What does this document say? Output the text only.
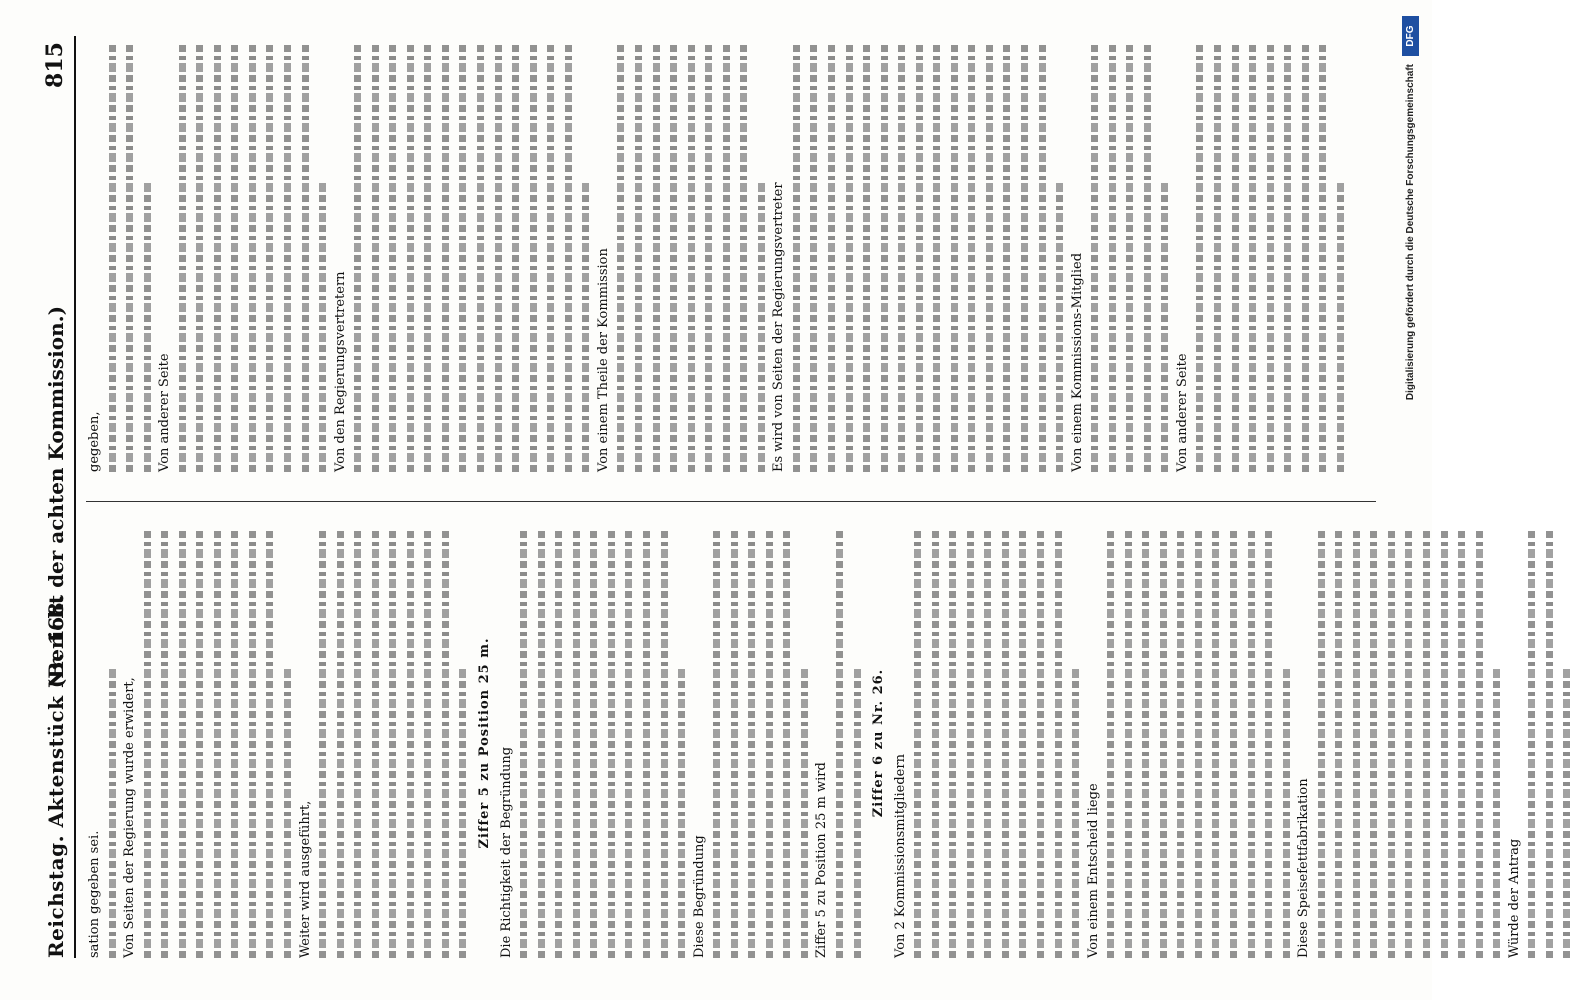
Reichstag. Aktenstück Nr. 168.
(Bericht der achten Kommission.)
815
sation gegeben sei. Von Seiten der Regierung wurde erwidert,	Weiter wird ausgeführt,
Ziffer 5 zu Position 25 m.
Die Richtigkeit der Begründung	Diese Begründung	Ziffer 5 zu Position 25 m wird
Ziffer 6 zu Nr. 26.
Von 2 Kommissionsmitgliedern	Von einem Entscheid liege	Diese Speisefettfabrikation	Würde der Antrag
gegeben,	Von anderer Seite	Von den Regierungsvertretern	Von einem Theile der Kommission	Es wird von Seiten der Regierungsvertreter	Von einem Kommissions-Mitglied	Von anderer Seite
Digitalisierung gefördert durch die Deutsche Forschungsgemeinschaft
DFG
